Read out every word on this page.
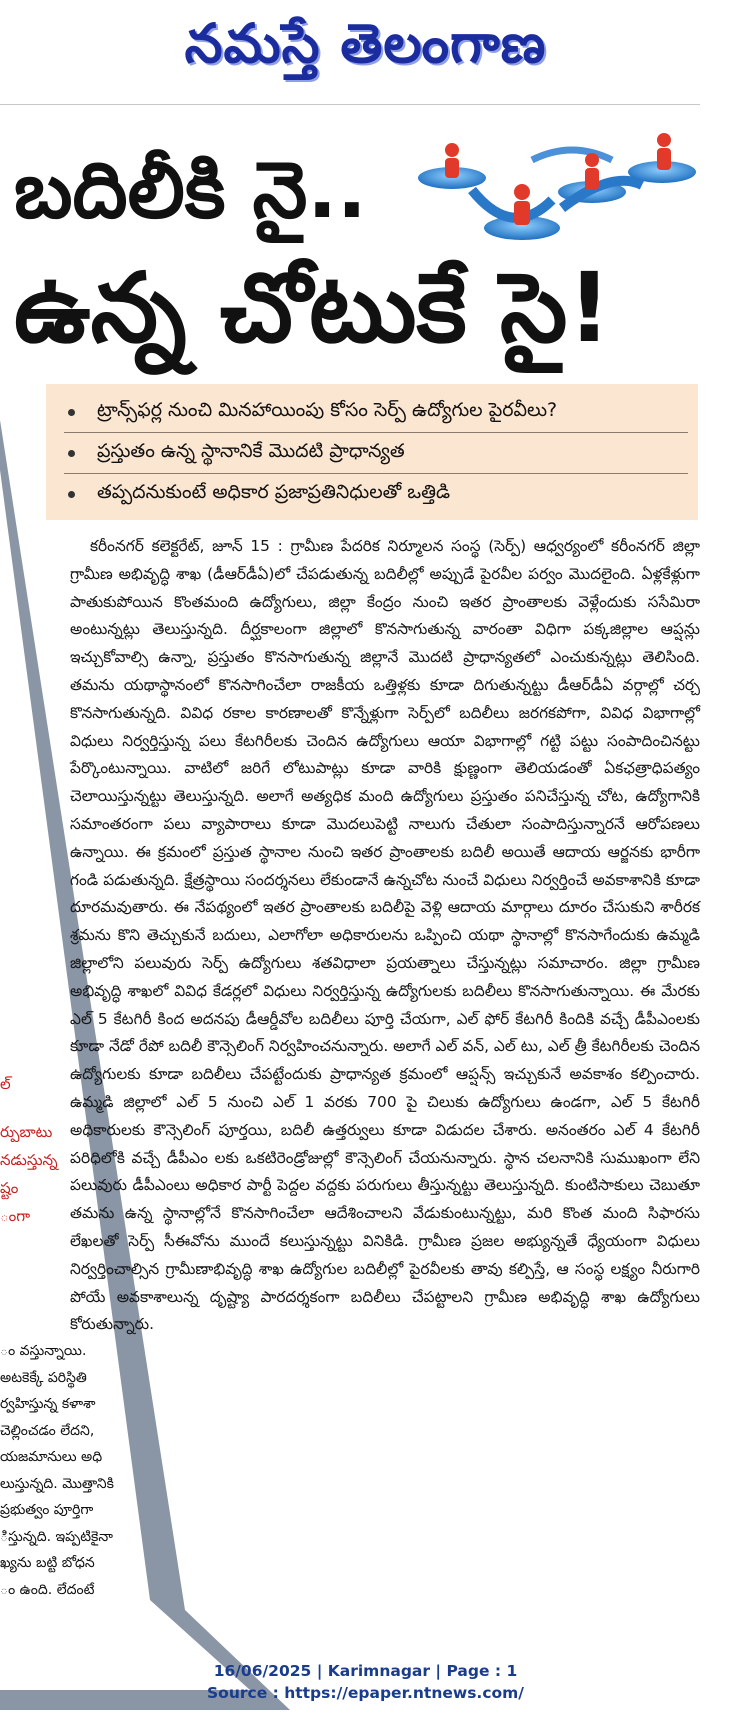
నమస్తే తెలంగాణ
ల్
ర్పుబాటు
నడుస్తున్న
ష్టం
ంగా
ం వస్తున్నాయి.
అటకెక్కే పరిస్థితి
ర్వహిస్తున్న కళాశా
చెల్లించడం లేదని,
యజమానులు అధి
లుస్తున్నది. మొత్తానికి
ప్రభుత్వం పూర్తిగా
ిస్తున్నది. ఇప్పటికైనా
ఖ్యను బట్టి బోధన
ం ఉంది. లేదంటే
బదిలీకి నై..
ఉన్న చోటుకే సై!
ట్రాన్స్‌ఫర్ల నుంచి మినహాయింపు కోసం సెర్ప్ ఉద్యోగుల పైరవీలు?
ప్రస్తుతం ఉన్న స్థానానికే మొదటి ప్రాధాన్యత
తప్పదనుకుంటే అధికార ప్రజాప్రతినిధులతో ఒత్తిడి

కరీంనగర్ కలెక్టరేట్, జూన్ 15 : గ్రామీణ పేదరిక నిర్మూలన సంస్థ (సెర్ప్) ఆధ్వర్యంలో కరీంనగర్ జిల్లా గ్రామీణ అభివృద్ధి శాఖ (డీఆర్‌డీఏ)లో చేపడుతున్న బదిలీల్లో అప్పుడే పైరవీల పర్వం మొదలైంది. ఏళ్లకేళ్లుగా పాతుకుపోయిన కొంతమంది ఉద్యోగులు, జిల్లా కేంద్రం నుంచి ఇతర ప్రాంతాలకు వెళ్లేందుకు ససేమిరా అంటున్నట్లు తెలుస్తున్నది. దీర్ఘకాలంగా జిల్లాలో కొనసాగుతున్న వారంతా విధిగా పక్కజిల్లాల ఆప్షన్లు ఇచ్చుకోవాల్సి ఉన్నా, ప్రస్తుతం కొనసాగుతున్న జిల్లానే మొదటి ప్రాధాన్యతలో ఎంచుకున్నట్లు తెలిసింది. తమను యథాస్థానంలో కొనసాగించేలా రాజకీయ ఒత్తిళ్లకు కూడా దిగుతున్నట్టు డీఆర్‌డీఏ వర్గాల్లో చర్చ కొనసాగుతున్నది. వివిధ రకాల కారణాలతో కొన్నేళ్లుగా సెర్ప్‌లో బదిలీలు జరగకపోగా, వివిధ విభాగాల్లో విధులు నిర్వర్తిస్తున్న పలు కేటగిరీలకు చెందిన ఉద్యోగులు ఆయా విభాగాల్లో గట్టి పట్టు సంపాదించినట్టు పేర్కొంటున్నాయి. వాటిలో జరిగే లోటుపాట్లు కూడా వారికి క్షుణ్ణంగా తెలియడంతో ఏకఛత్రాధిపత్యం చెలాయిస్తున్నట్టు తెలుస్తున్నది. అలాగే అత్యధిక మంది ఉద్యోగులు ప్రస్తుతం పనిచేస్తున్న చోట, ఉద్యోగానికి సమాంతరంగా పలు వ్యాపారాలు కూడా మొదలుపెట్టి నాలుగు చేతులా సంపాదిస్తున్నారనే ఆరోపణలు ఉన్నాయి. ఈ క్రమంలో ప్రస్తుత స్థానాల నుంచి ఇతర ప్రాంతాలకు బదిలీ అయితే ఆదాయ ఆర్జనకు భారీగా గండి పడుతున్నది. క్షేత్రస్థాయి సందర్శనలు లేకుండానే ఉన్నచోట నుంచే విధులు నిర్వర్తించే అవకాశానికి కూడా దూరమవుతారు. ఈ నేపథ్యంలో ఇతర ప్రాంతాలకు బదిలీపై వెళ్లి ఆదాయ మార్గాలు దూరం చేసుకుని శారీరక శ్రమను కొని తెచ్చుకునే బదులు, ఎలాగోలా అధికారులను ఒప్పించి యథా స్థానాల్లో కొనసాగేందుకు ఉమ్మడి జిల్లాలోని పలువురు సెర్ప్ ఉద్యోగులు శతవిధాలా ప్రయత్నాలు చేస్తున్నట్లు సమాచారం. జిల్లా గ్రామీణ అభివృద్ధి శాఖలో వివిధ కేడర్లలో విధులు నిర్వర్తిస్తున్న ఉద్యోగులకు బదిలీలు కొనసాగుతున్నాయి. ఈ మేరకు ఎల్ 5 కేటగిరీ కింద అదనపు డీఆర్డీవోల బదిలీలు పూర్తి చేయగా, ఎల్ ఫోర్ కేటగిరీ కిందికి వచ్చే డీపీఎంలకు కూడా నేడో రేపో బదిలీ కౌన్సెలింగ్ నిర్వహించనున్నారు. అలాగే ఎల్ వన్, ఎల్ టు, ఎల్ త్రీ కేటగిరీలకు చెందిన ఉద్యోగులకు కూడా బదిలీలు చేపట్టేందుకు ప్రాధాన్యత క్రమంలో ఆప్షన్స్ ఇచ్చుకునే అవకాశం కల్పించారు. ఉమ్మడి జిల్లాలో ఎల్ 5 నుంచి ఎల్ 1 వరకు 700 పై చిలుకు ఉద్యోగులు ఉండగా, ఎల్ 5 కేటగిరీ అధికారులకు కౌన్సెలింగ్ పూర్తయి, బదిలీ ఉత్తర్వులు కూడా విడుదల చేశారు. అనంతరం ఎల్ 4 కేటగిరీ పరిధిలోకి వచ్చే డీపీఎం లకు ఒకటిరెండ్రోజుల్లో కౌన్సెలింగ్ చేయనున్నారు. స్థాన చలనానికి సుముఖంగా లేని పలువురు డీపీఎంలు అధికార పార్టీ పెద్దల వద్దకు పరుగులు తీస్తున్నట్టు తెలుస్తున్నది. కుంటిసాకులు చెబుతూ తమను ఉన్న స్థానాల్లోనే కొనసాగించేలా ఆదేశించాలని వేడుకుంటున్నట్టు, మరి కొంత మంది సిఫారసు లేఖలతో సెర్ప్ సీఈవోను ముందే కలుస్తున్నట్టు వినికిడి. గ్రామీణ ప్రజల అభ్యున్నతే ధ్యేయంగా విధులు నిర్వర్తించాల్సిన గ్రామీణాభివృద్ధి శాఖ ఉద్యోగుల బదిలీల్లో పైరవీలకు తావు కల్పిస్తే, ఆ సంస్థ లక్ష్యం నీరుగారి పోయే అవకాశాలున్న దృష్ట్యా పారదర్శకంగా బదిలీలు చేపట్టాలని గ్రామీణ అభివృద్ధి శాఖ ఉద్యోగులు కోరుతున్నారు.

16/06/2025 | Karimnagar | Page : 1
Source : https://epaper.ntnews.com/
